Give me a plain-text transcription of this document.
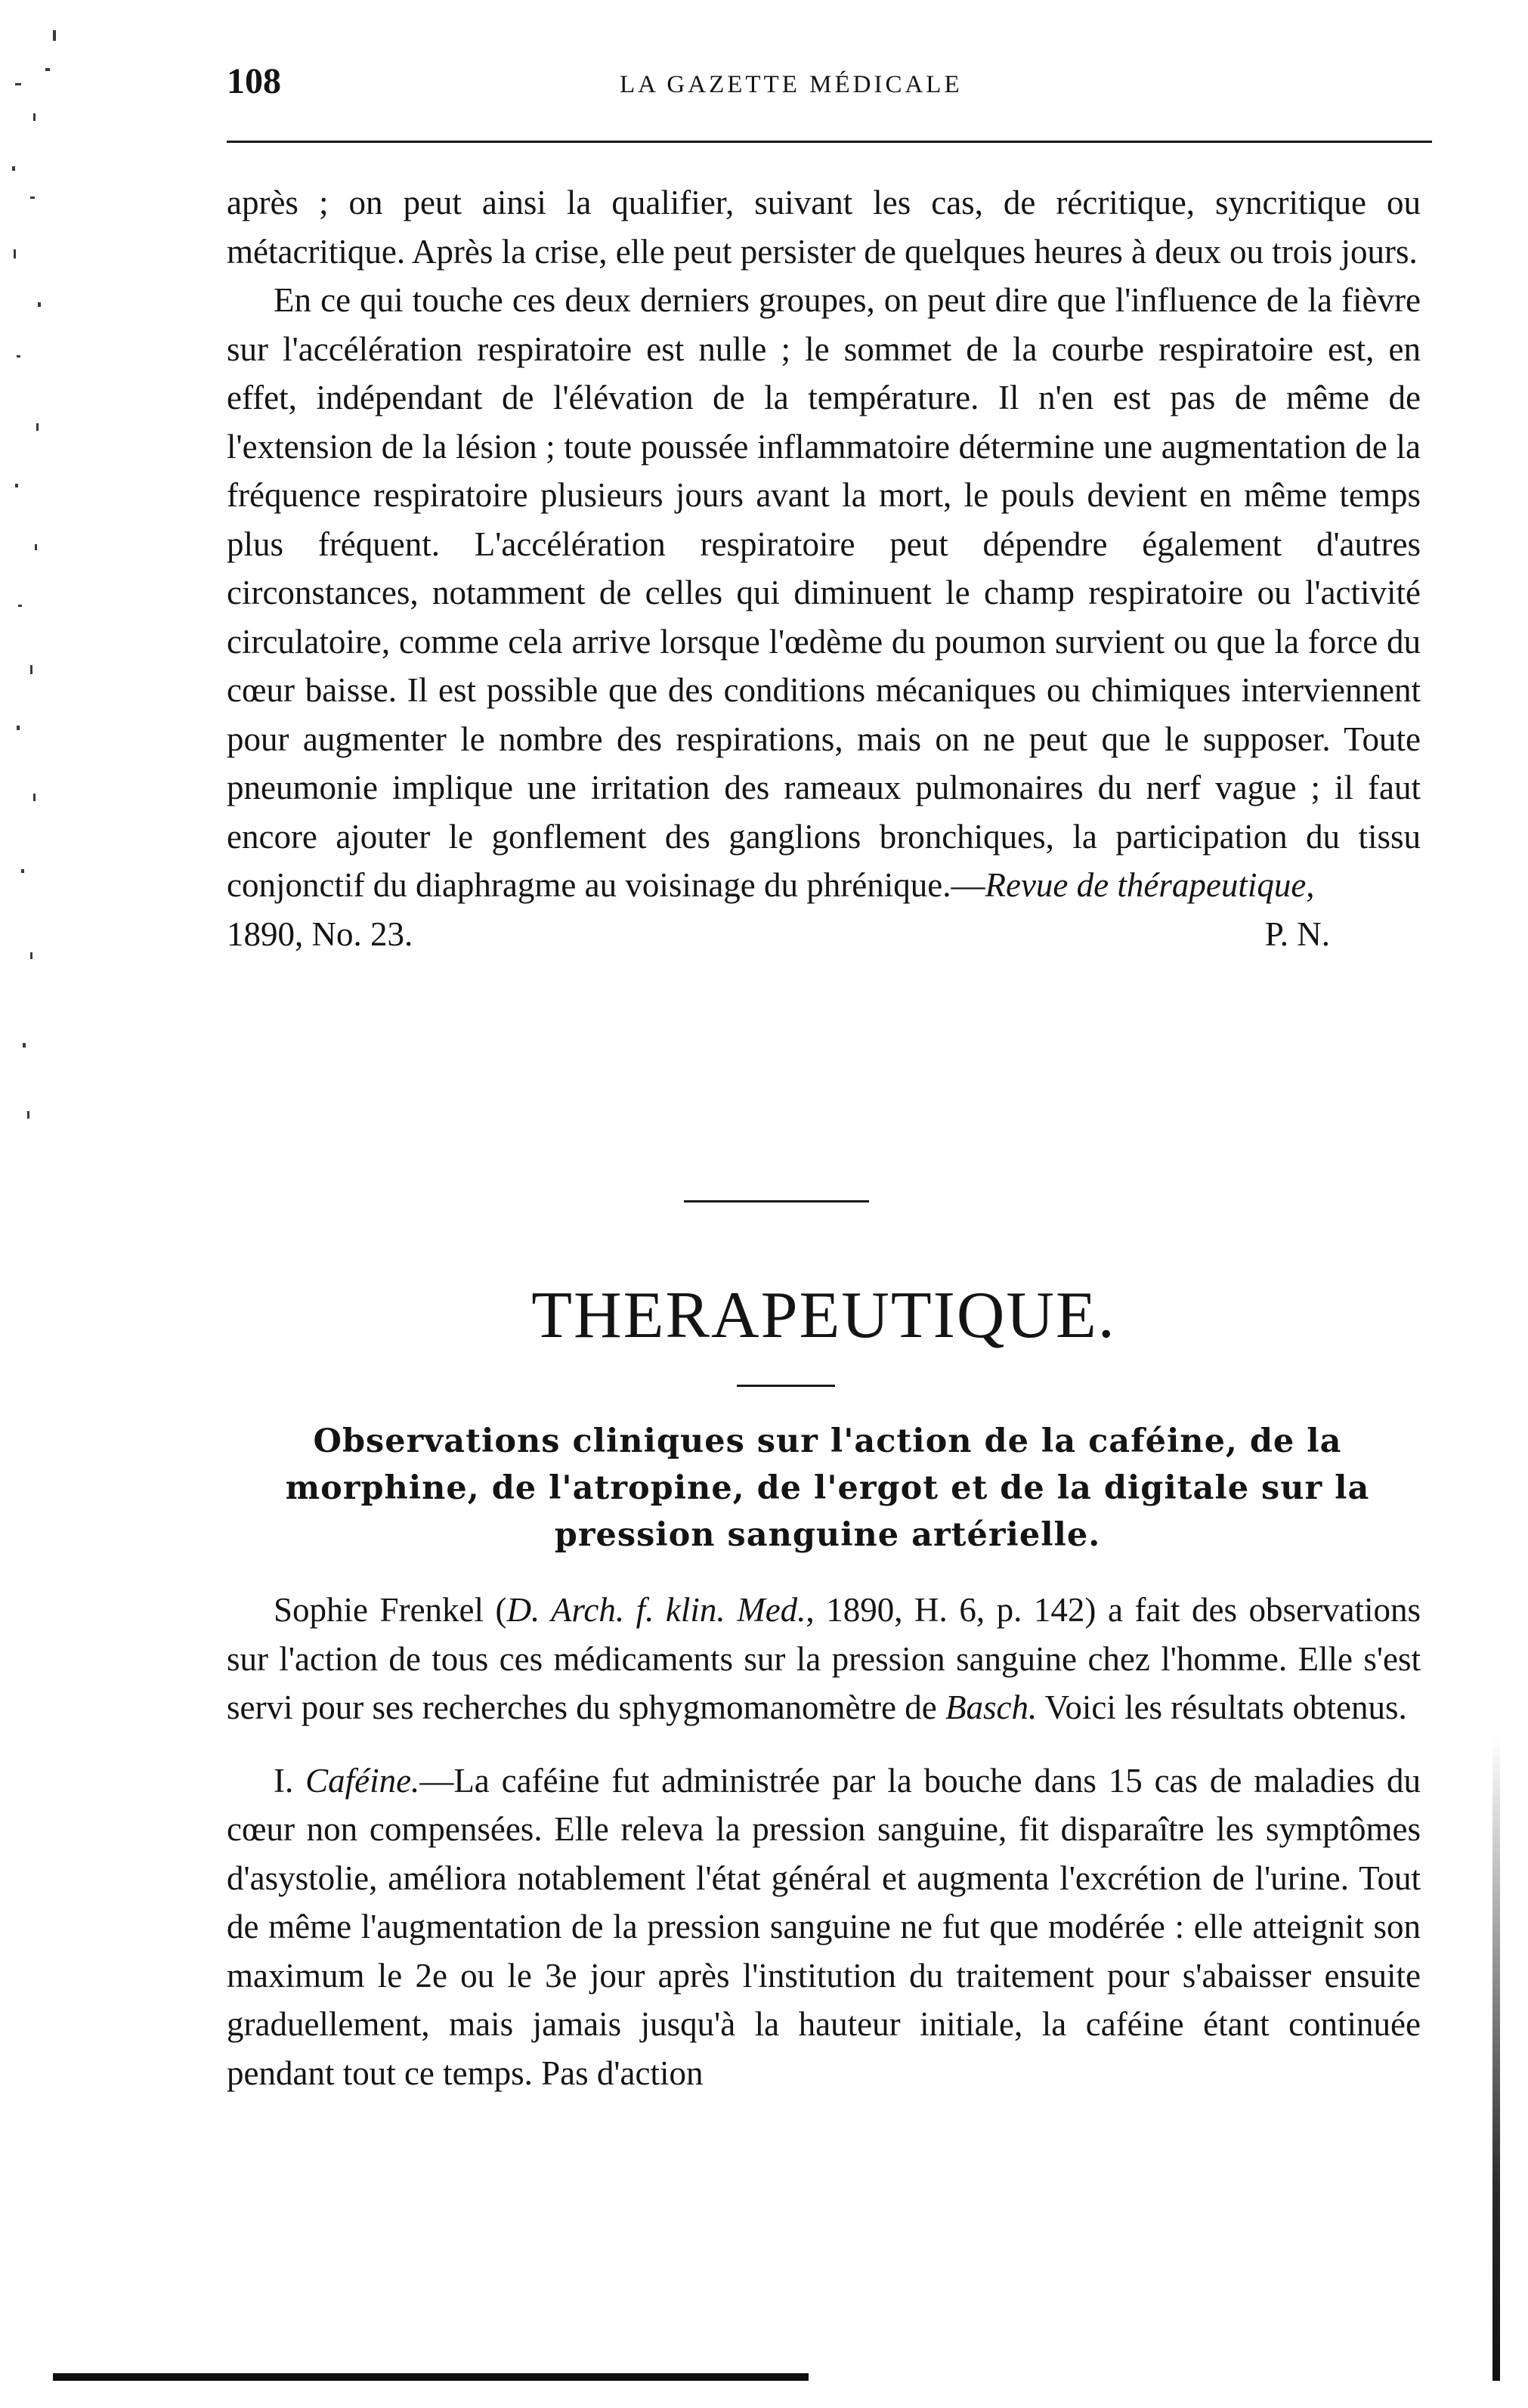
108	LA GAZETTE MÉDICALE

après ; on peut ainsi la qualifier, suivant les cas, de récritique, syncritique ou métacritique. Après la crise, elle peut persister de quelques heures à deux ou trois jours.

En ce qui touche ces deux derniers groupes, on peut dire que l'influence de la fièvre sur l'accélération respiratoire est nulle ; le sommet de la courbe respiratoire est, en effet, indépendant de l'élévation de la température. Il n'en est pas de même de l'extension de la lésion ; toute poussée inflammatoire détermine une augmentation de la fréquence respiratoire plusieurs jours avant la mort, le pouls devient en même temps plus fréquent. L'accélération respiratoire peut dépendre également d'autres circonstances, notamment de celles qui diminuent le champ respiratoire ou l'activité circulatoire, comme cela arrive lorsque l'œdème du poumon survient ou que la force du cœur baisse. Il est possible que des conditions mécaniques ou chimiques interviennent pour augmenter le nombre des respirations, mais on ne peut que le supposer. Toute pneumonie implique une irritation des rameaux pulmonaires du nerf vague ; il faut encore ajouter le gonflement des ganglions bronchiques, la participation du tissu conjonctif du diaphragme au voisinage du phrénique.—Revue de thérapeutique,

1890, No. 23.	P. N.

THERAPEUTIQUE.
Observations cliniques sur l'action de la caféine, de la morphine, de l'atropine, de l'ergot et de la digitale sur la pression sanguine artérielle.

Sophie Frenkel (D. Arch. f. klin. Med., 1890, H. 6, p. 142) a fait des observations sur l'action de tous ces médicaments sur la pression sanguine chez l'homme. Elle s'est servi pour ses recherches du sphygmomanomètre de Basch. Voici les résultats obtenus.

I. Caféine.—La caféine fut administrée par la bouche dans 15 cas de maladies du cœur non compensées. Elle releva la pression sanguine, fit disparaître les symptômes d'asystolie, améliora notablement l'état général et augmenta l'excrétion de l'urine. Tout de même l'augmentation de la pression sanguine ne fut que modérée : elle atteignit son maximum le 2e ou le 3e jour après l'institution du traitement pour s'abaisser ensuite graduellement, mais jamais jusqu'à la hauteur initiale, la caféine étant continuée pendant tout ce temps. Pas d'action
